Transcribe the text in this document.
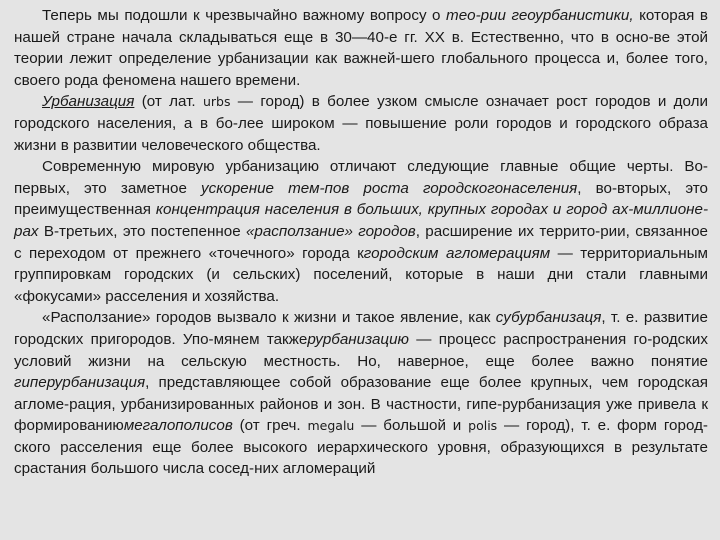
Теперь мы подошли к чрезвычайно важному вопросу о тео-рии геоурбанистики, которая в нашей стране начала складываться еще в 30—40-е гг. XX в. Естественно, что в осно-ве этой теории лежит определение урбанизации как важней-шего глобального процесса и, более того, своего рода феномена нашего времени.

Урбанизация (от лат. urbs — город) в более узком смысле означает рост городов и доли городского населения, а в бо-лее широком — повышение роли городов и городского образа жизни в развитии человеческого общества.

Современную мировую урбанизацию отличают следующие главные общие черты. Во-первых, это заметное ускорение тем-пов роста городскогонаселения, во-вторых, это преимущественная концентрация населения в больших, крупных городах и город ах-миллионе-рах В-третьих, это постепенное «расползание» городов, расширение их террито-рии, связанное с переходом от прежнего «точечного» города кгородским агломерациям — территориальным группировкам городских (и сельских) поселений, которые в наши дни стали главными «фокусами» расселения и хозяйства.

«Расползание» городов вызвало к жизни и такое явление, как субурбанизаця, т. е. развитие городских пригородов. Упо-мянем такжерурбанизацию — процесс распространения го-родских условий жизни на сельскую местность. Но, наверное, еще более важно понятие гиперурбанизация, представляющее собой образование еще более крупных, чем городская агломе-рация, урбанизированных районов и зон. В частности, гипе-рурбанизация уже привела к формированиюмегалополисов (от греч. megalu — большой и polis — город), т. е. форм город-ского расселения еще более высокого иерархического уровня, образующихся в результате срастания большого числа сосед-них агломераций
